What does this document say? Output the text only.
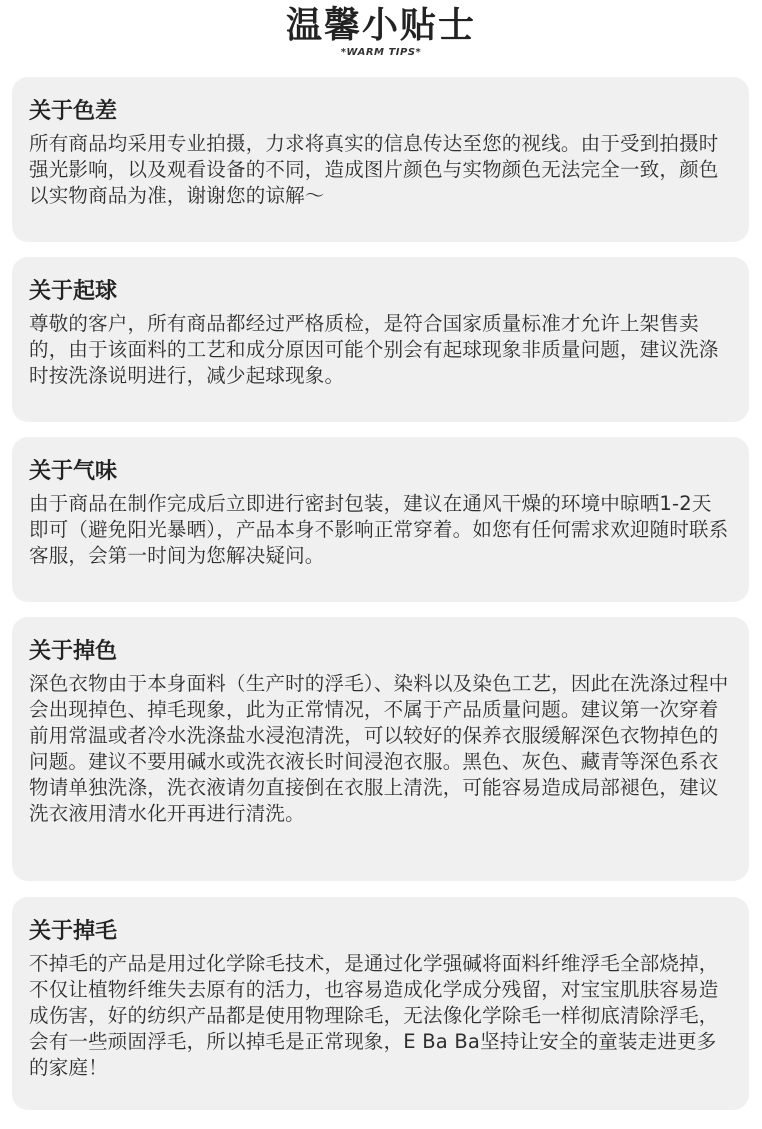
温馨小贴士
*WARM TIPS*
关于色差

所有商品均采用专业拍摄，力求将真实的信息传达至您的视线。由于受到拍摄时强光影响，以及观看设备的不同，造成图片颜色与实物颜色无法完全一致，颜色以实物商品为准，谢谢您的谅解～

关于起球

尊敬的客户，所有商品都经过严格质检，是符合国家质量标准才允许上架售卖的，由于该面料的工艺和成分原因可能个别会有起球现象非质量问题，建议洗涤时按洗涤说明进行，减少起球现象。

关于气味

由于商品在制作完成后立即进行密封包装，建议在通风干燥的环境中晾晒1-2天即可（避免阳光暴晒），产品本身不影响正常穿着。如您有任何需求欢迎随时联系客服，会第一时间为您解决疑问。

关于掉色

深色衣物由于本身面料（生产时的浮毛）、染料以及染色工艺，因此在洗涤过程中会出现掉色、掉毛现象，此为正常情况，不属于产品质量问题。建议第一次穿着前用常温或者冷水洗涤盐水浸泡清洗，可以较好的保养衣服缓解深色衣物掉色的问题。建议不要用碱水或洗衣液长时间浸泡衣服。黑色、灰色、藏青等深色系衣物请单独洗涤，洗衣液请勿直接倒在衣服上清洗，可能容易造成局部褪色，建议洗衣液用清水化开再进行清洗。

关于掉毛

不掉毛的产品是用过化学除毛技术，是通过化学强碱将面料纤维浮毛全部烧掉，不仅让植物纤维失去原有的活力，也容易造成化学成分残留，对宝宝肌肤容易造成伤害，好的纺织产品都是使用物理除毛，无法像化学除毛一样彻底清除浮毛，会有一些顽固浮毛，所以掉毛是正常现象，E Ba Ba坚持让安全的童装走进更多的家庭！
